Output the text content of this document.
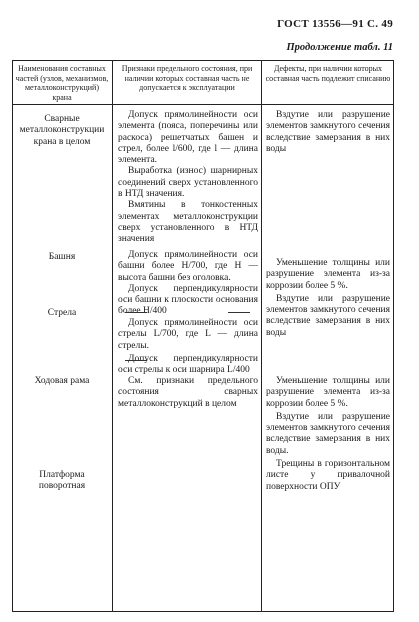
ГОСТ 13556—91 С. 49
Продолжение табл. 11
Наименования составных частей (узлов, механизмов, металлоконструкций) крана
Признаки предельного состояния, при наличии которых составная часть не допускается к эксплуатации
Дефекты, при наличии которых составная часть подлежит списанию
Сварные металлоконструкции крана в целом

Допуск прямолинейности оси элемента (пояса, поперечины или раскоса) решетчатых башен и стрел, более l/600, где l — длина элемента.

Выработка (износ) шарнирных соединений сверх установленного в НТД значения.

Вмятины в тонкостенных элементах металлоконструкции сверх установленного в НТД значения

Вздутие или разрушение элементов замкнутого сечения вследствие замерзания в них воды

Башня	Допуск прямолинейности оси башни более H/700, где H — высота башни без оголовка.

Допуск перпендикулярности оси башни к плоскости основания более H/400

Уменьшение толщины или разрушение элемента из-за коррозии более 5 %.

Вздутие или разрушение элементов замкнутого сечения вследствие замерзания в них воды

Стрела

Допуск прямолинейности оси стрелы L/700, где L — длина стрелы.

Допуск перпендикулярности оси стрелы к оси шарнира L/400

Ходовая рама	См. признаки предельного состояния сварных металлоконструкций в целом

Уменьшение толщины или разрушение элемента из-за коррозии более 5 %.

Вздутие или разрушение элементов замкнутого сечения вследствие замерзания в них воды.

Трещины в горизонтальном листе у привалочной поверхности ОПУ

Платформа поворотная
